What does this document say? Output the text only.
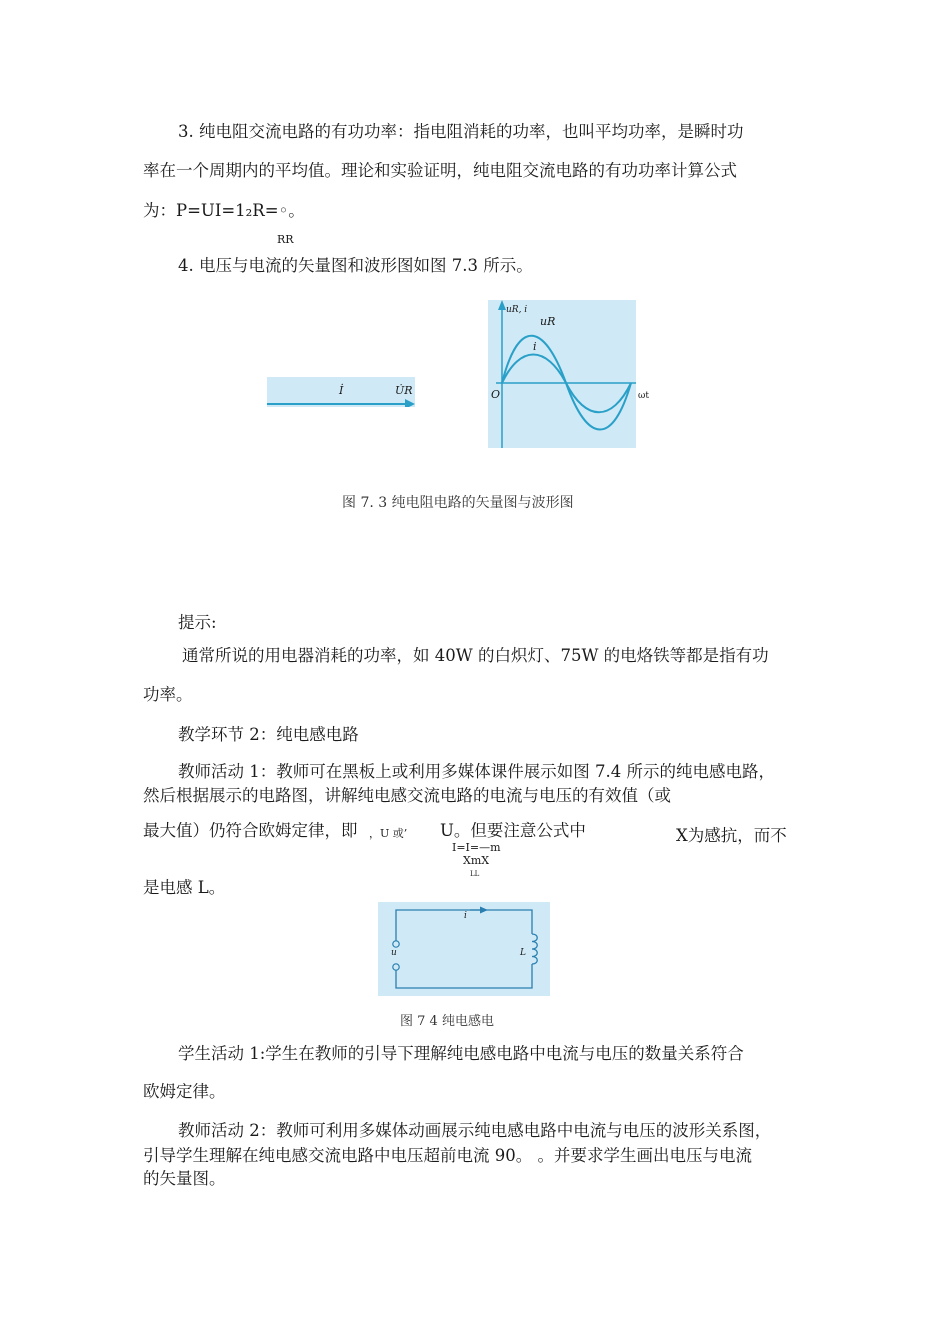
3. 纯电阻交流电路的有功功率：指电阻消耗的功率，也叫平均功率，是瞬时功
率在一个周期内的平均值。理论和实验证明，纯电阻交流电路的有功功率计算公式
为：P=UI=1₂R=◦。
RR
4. 电压与电流的矢量图和波形图如图 7.3 所示。
İ	U̇R
uR, i
uR
i
O	ωt
图 7. 3 纯电阻电路的矢量图与波形图
提示:
通常所说的用电器消耗的功率，如 40W 的白炽灯、75W 的电烙铁等都是指有功
功率。
教学环节 2：纯电感电路
教师活动 1：教师可在黑板上或利用多媒体课件展示如图 7.4 所示的纯电感电路，
然后根据展示的电路图，讲解纯电感交流电路的电流与电压的有效值（或
最大值）仍符合欧姆定律，即 ，U 或’ U。但要注意公式中	X为感抗，而不
I=I=—m
XmX
LL
是电感 L。
i
u	L
图 7 4 纯电感电
学生活动 1:学生在教师的引导下理解纯电感电路中电流与电压的数量关系符合
欧姆定律。
教师活动 2：教师可利用多媒体动画展示纯电感电路中电流与电压的波形关系图，
引导学生理解在纯电感交流电路中电压超前电流 90。 。并要求学生画出电压与电流
的矢量图。
